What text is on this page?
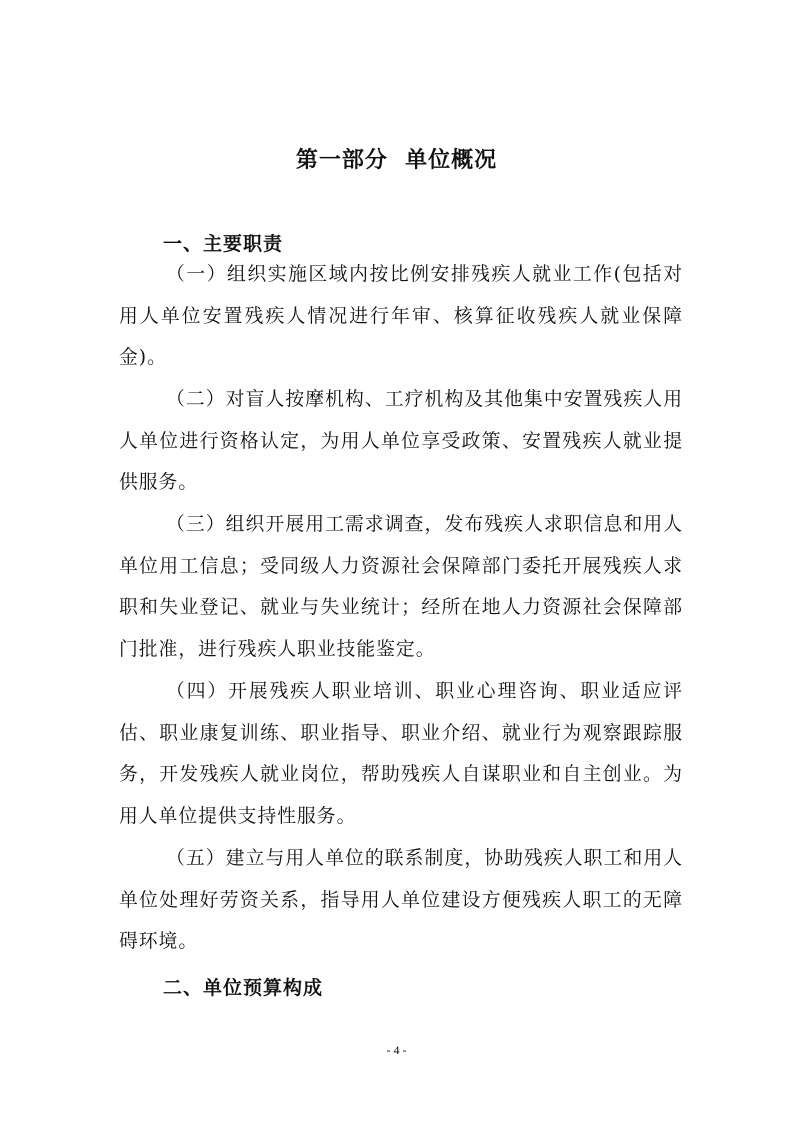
第一部分  单位概况
一、主要职责

（一）组织实施区域内按比例安排残疾人就业工作(包括对用人单位安置残疾人情况进行年审、核算征收残疾人就业保障金)。

（二）对盲人按摩机构、工疗机构及其他集中安置残疾人用人单位进行资格认定，为用人单位享受政策、安置残疾人就业提供服务。

（三）组织开展用工需求调查，发布残疾人求职信息和用人单位用工信息；受同级人力资源社会保障部门委托开展残疾人求职和失业登记、就业与失业统计；经所在地人力资源社会保障部门批准，进行残疾人职业技能鉴定。

（四）开展残疾人职业培训、职业心理咨询、职业适应评估、职业康复训练、职业指导、职业介绍、就业行为观察跟踪服务，开发残疾人就业岗位，帮助残疾人自谋职业和自主创业。为用人单位提供支持性服务。

（五）建立与用人单位的联系制度，协助残疾人职工和用人单位处理好劳资关系，指导用人单位建设方便残疾人职工的无障碍环境。

二、单位预算构成
- 4 -
